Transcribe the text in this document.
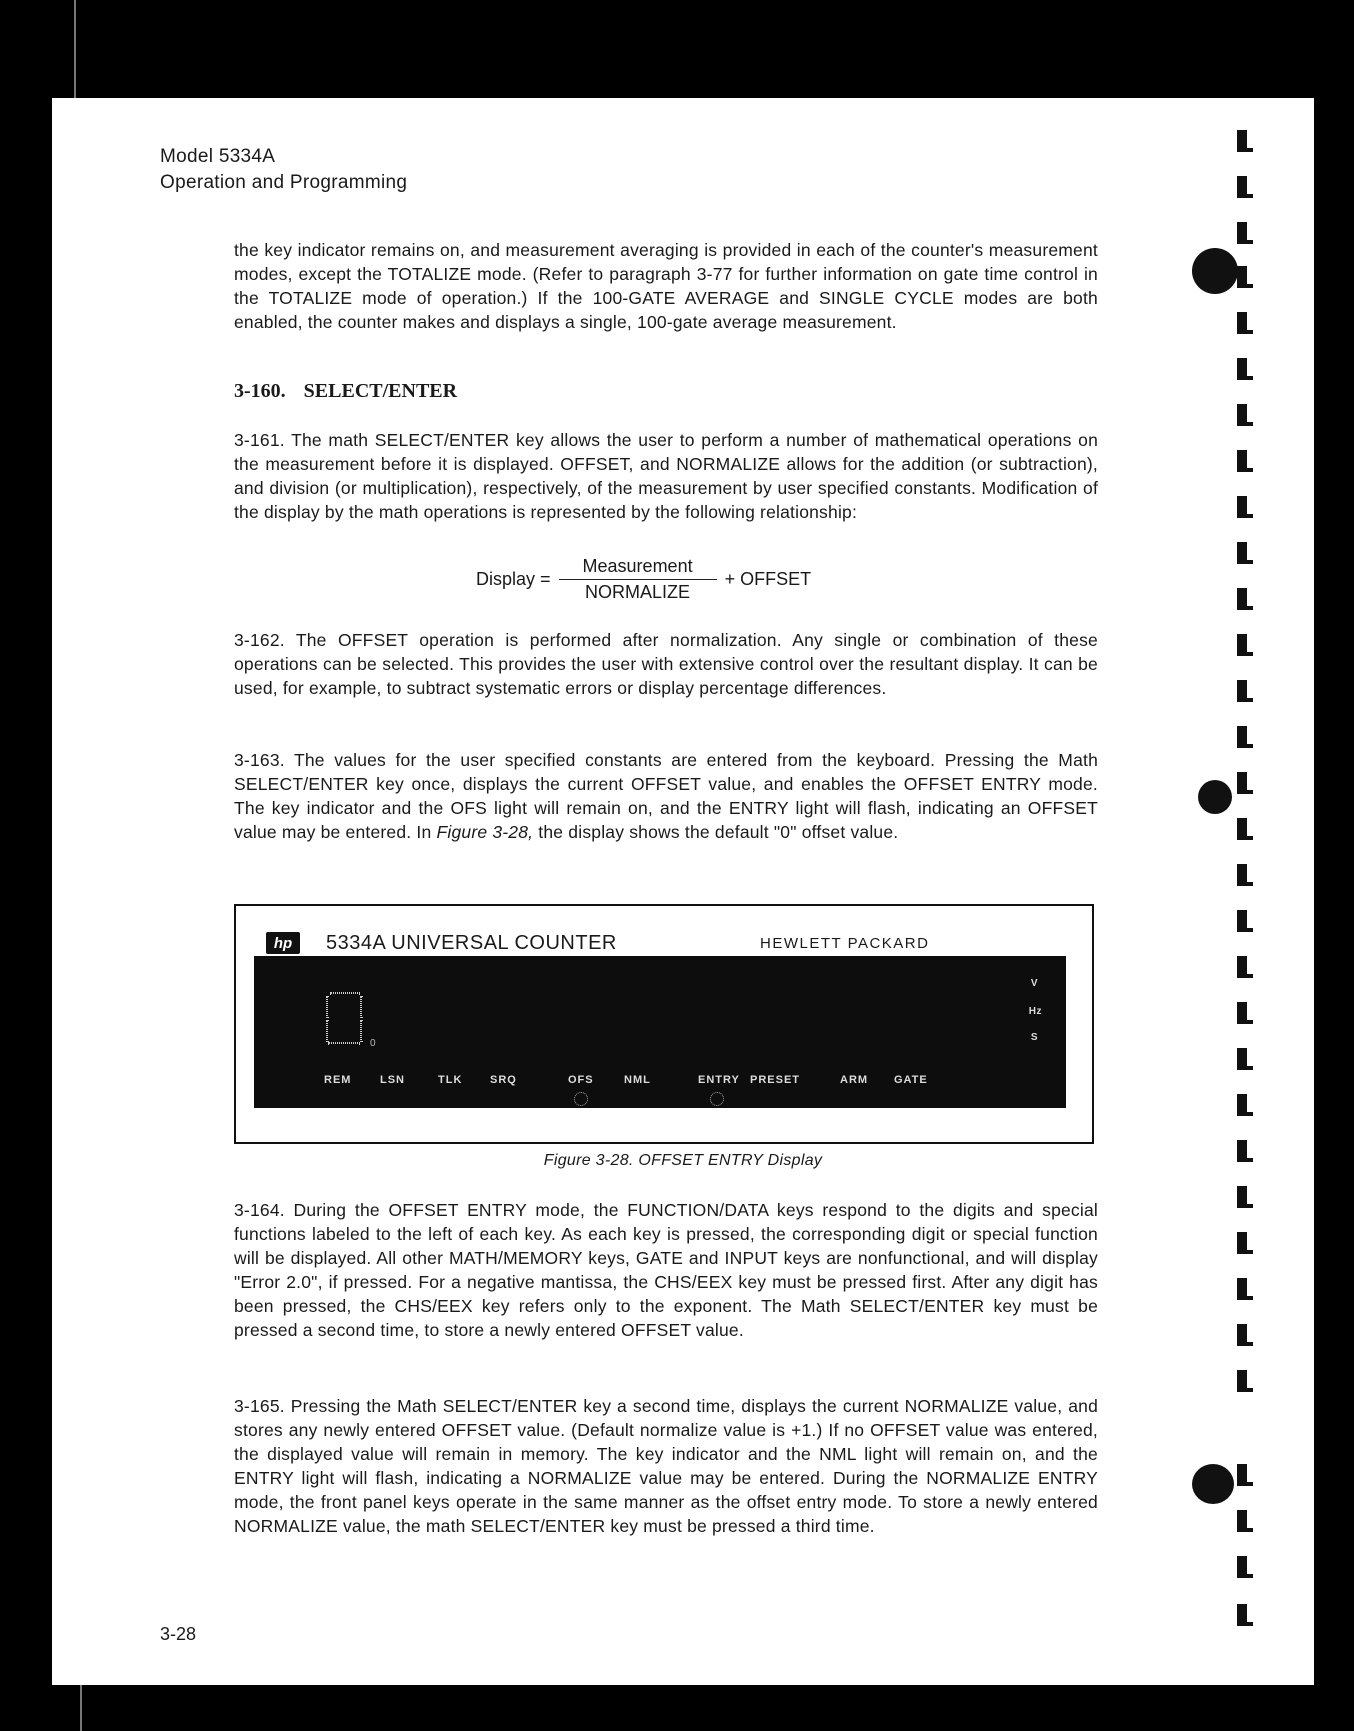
Model 5334A
Operation and Programming

the key indicator remains on, and measurement averaging is provided in each of the counter's measurement modes, except the TOTALIZE mode. (Refer to paragraph 3-77 for further information on gate time control in the TOTALIZE mode of operation.) If the 100-GATE AVERAGE and SINGLE CYCLE modes are both enabled, the counter makes and displays a single, 100-gate average measurement.

3-160. SELECT/ENTER

3-161. The math SELECT/ENTER key allows the user to perform a number of mathematical operations on the measurement before it is displayed. OFFSET, and NORMALIZE allows for the addition (or subtraction), and division (or multiplication), respectively, of the measurement by user specified constants. Modification of the display by the math operations is represented by the following relationship:

Display = $\frac{\text{Measurement}}{\text{NORMALIZE}}$ + OFFSET

3-162. The OFFSET operation is performed after normalization. Any single or combination of these operations can be selected. This provides the user with extensive control over the resultant display. It can be used, for example, to subtract systematic errors or display percentage differences.

3-163. The values for the user specified constants are entered from the keyboard. Pressing the Math SELECT/ENTER key once, displays the current OFFSET value, and enables the OFFSET ENTRY mode. The key indicator and the OFS light will remain on, and the ENTRY light will flash, indicating an OFFSET value may be entered. In Figure 3-28, the display shows the default "0" offset value.

hp	5334A UNIVERSAL COUNTER	HEWLETT PACKARD
0
V
Hz
S
REM	LSN	TLK	SRQ	OFS	NML	ENTRY PRESET	ARM GATE
Figure 3-28. OFFSET ENTRY Display

3-164. During the OFFSET ENTRY mode, the FUNCTION/DATA keys respond to the digits and special functions labeled to the left of each key. As each key is pressed, the corresponding digit or special function will be displayed. All other MATH/MEMORY keys, GATE and INPUT keys are nonfunctional, and will display "Error 2.0", if pressed. For a negative mantissa, the CHS/EEX key must be pressed first. After any digit has been pressed, the CHS/EEX key refers only to the exponent. The Math SELECT/ENTER key must be pressed a second time, to store a newly entered OFFSET value.

3-165. Pressing the Math SELECT/ENTER key a second time, displays the current NORMALIZE value, and stores any newly entered OFFSET value. (Default normalize value is +1.) If no OFFSET value was entered, the displayed value will remain in memory. The key indicator and the NML light will remain on, and the ENTRY light will flash, indicating a NORMALIZE value may be entered. During the NORMALIZE ENTRY mode, the front panel keys operate in the same manner as the offset entry mode. To store a newly entered NORMALIZE value, the math SELECT/ENTER key must be pressed a third time.

3-28
